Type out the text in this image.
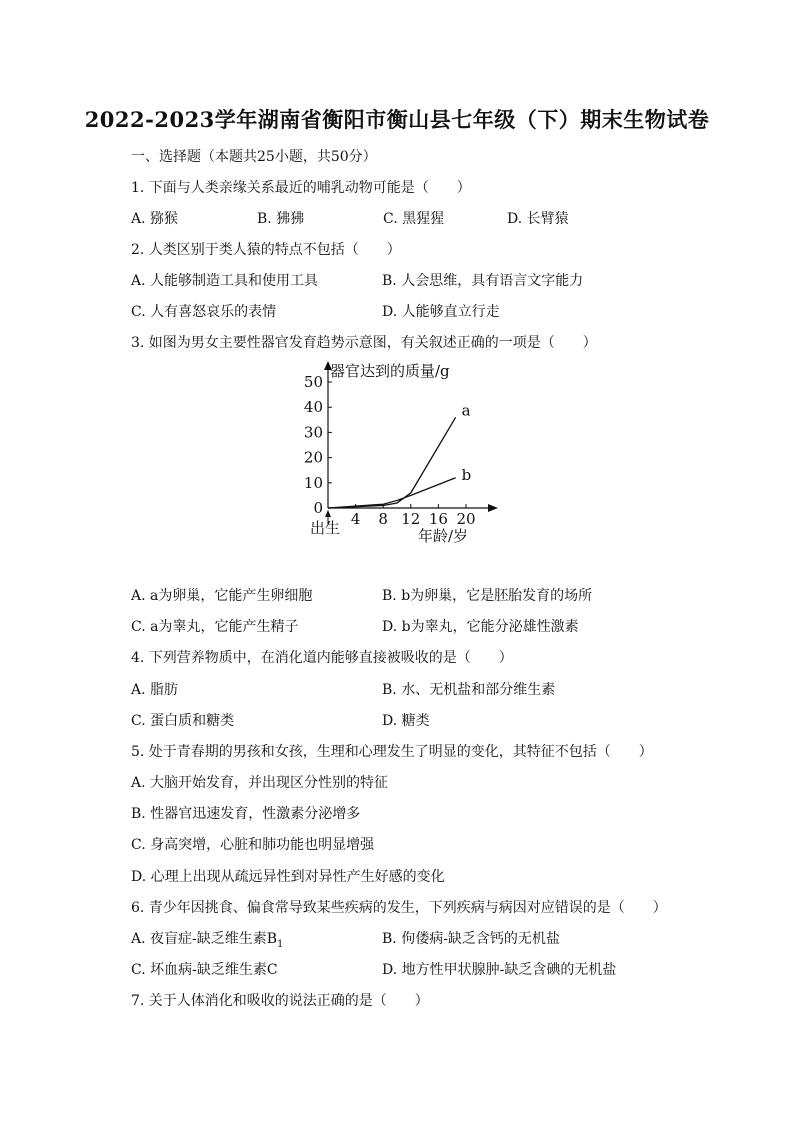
2022-2023学年湖南省衡阳市衡山县七年级（下）期末生物试卷
一、选择题（本题共25小题，共50分）
1. 下面与人类亲缘关系最近的哺乳动物可能是（　　）
A. 猕猴	B. 狒狒	C. 黑猩猩	D. 长臂猿
2. 人类区别于类人猿的特点不包括（　　）
A. 人能够制造工具和使用工具	B. 人会思维，具有语言文字能力
C. 人有喜怒哀乐的表情	D. 人能够直立行走
3. 如图为男女主要性器官发育趋势示意图，有关叙述正确的一项是（　　）
0
10
20
30
40
50
4 8 12 16 20
a
b
器官达到的质量/g
年龄/岁
出生
A. a为卵巢，它能产生卵细胞	B. b为卵巢，它是胚胎发育的场所
C. a为睾丸，它能产生精子	D. b为睾丸，它能分泌雄性激素
4. 下列营养物质中，在消化道内能够直接被吸收的是（　　）
A. 脂肪	B. 水、无机盐和部分维生素
C. 蛋白质和糖类	D. 糖类
5. 处于青春期的男孩和女孩，生理和心理发生了明显的变化，其特征不包括（　　）
A. 大脑开始发育，并出现区分性别的特征
B. 性器官迅速发育，性激素分泌增多
C. 身高突增，心脏和肺功能也明显增强
D. 心理上出现从疏远异性到对异性产生好感的变化
6. 青少年因挑食、偏食常导致某些疾病的发生，下列疾病与病因对应错误的是（　　）
A. 夜盲症-缺乏维生素$B_1$	B. 佝偻病-缺乏含钙的无机盐
C. 坏血病-缺乏维生素C	D. 地方性甲状腺肿-缺乏含碘的无机盐
7. 关于人体消化和吸收的说法正确的是（　　）
